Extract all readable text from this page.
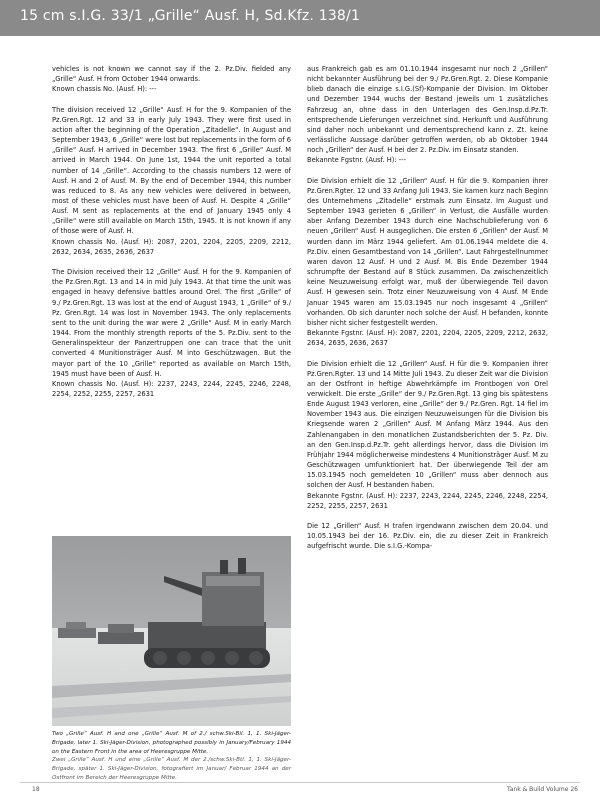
15 cm s.I.G. 33/1 „Grille“ Ausf. H, Sd.Kfz. 138/1

vehicles is not known we cannot say if the 2. Pz.Div. fielded any „Grille“ Ausf. H from October 1944 onwards.

Known chassis No. (Ausf. H): ---

The division received 12 „Grille“ Ausf. H for the 9. Kompanien of the Pz.Gren.Rgt. 12 and 33 in early July 1943. They were first used in action after the beginning of the Operation „Zitadelle“. In August and September 1943, 6 „Grille“ were lost but replacements in the form of 6 „Grille“ Ausf. H arrived in December 1943. The first 6 „Grille“ Ausf. M arrived in March 1944. On June 1st, 1944 the unit reported a total number of 14 „Grille“. According to the chassis numbers 12 were of Ausf. H and 2 of Ausf. M. By the end of December 1944, this number was reduced to 8. As any new vehicles were delivered in between, most of these vehicles must have been of Ausf. H. Despite 4 „Grille“ Ausf. M sent as replacements at the end of January 1945 only 4 „Grille“ were still available on March 15th, 1945. It is not known if any of those were of Ausf. H.

Known chassis No. (Ausf. H): 2087, 2201, 2204, 2205, 2209, 2212, 2632, 2634, 2635, 2636, 2637

The Division received their 12 „Grille“ Ausf. H for the 9. Kompanien of the Pz.Gren.Rgt. 13 and 14 in mid July 1943. At that time the unit was engaged in heavy defensive battles around Orel. The first „Grille“ of 9./ Pz.Gren.Rgt. 13 was lost at the end of August 1943, 1 „Grille“ of 9./ Pz. Gren.Rgt. 14 was lost in November 1943. The only replacements sent to the unit during the war were 2 „Grille“ Ausf. M in early March 1944. From the monthly strength reports of the 5. Pz.Div. sent to the Generalinspekteur der Panzertruppen one can trace that the unit converted 4 Munitionsträger Ausf. M into Geschützwagen. But the mayor part of the 10 „Grille“ reported as available on March 15th, 1945 must have been of Ausf. H.

Known chassis No. (Ausf. H): 2237, 2243, 2244, 2245, 2246, 2248, 2254, 2252, 2255, 2257, 2631

Two „Grille“ Ausf. H and one „Grille“ Ausf. M of 2./ schw.Ski-Bil. 1, 1. Ski-Jäger-Brigade, later 1. Ski-Jäger-Division, photographed possibly in January/February 1944 on the Eastern Front in the area of Heeresgruppe Mitte.

Zwei „Grille“ Ausf. H und eine „Grille“ Ausf. M der 2./schw.Ski-Btl. 1, 1. Ski-Jäger-Brigade, später 1. Ski-Jäger-Division, fotografiert im Januar/ Februar 1944 an der Ostfront im Bereich der Heeresgruppe Mitte.

aus Frankreich gab es am 01.10.1944 insgesamt nur noch 2 „Grillen“ nicht bekannter Ausführung bei der 9./ Pz.Gren.Rgt. 2. Diese Kompanie blieb danach die einzige s.I.G.(Sf)-Kompanie der Division. Im Oktober und Dezember 1944 wuchs der Bestand jeweils um 1 zusätzliches Fahrzeug an, ohne dass in den Unterlagen des Gen.Insp.d.Pz.Tr. entsprechende Lieferungen verzeichnet sind. Herkunft und Ausführung sind daher noch unbekannt und dementsprechend kann z. Zt. keine verlässliche Aussage darüber getroffen werden, ob ab Oktober 1944 noch „Grillen“ der Ausf. H bei der 2. Pz.Div. im Einsatz standen.

Bekannte Fgstnr. (Ausf. H): ---

Die Division erhielt die 12 „Grillen“ Ausf. H für die 9. Kompanien ihrer Pz.Gren.Rgter. 12 und 33 Anfang Juli 1943. Sie kamen kurz nach Beginn des Unternehmens „Zitadelle“ erstmals zum Einsatz. Im August und September 1943 gerieten 6 „Grillen“ in Verlust, die Ausfälle wurden aber Anfang Dezember 1943 durch eine Nachschublieferung von 6 neuen „Grillen“ Ausf. H ausgeglichen. Die ersten 6 „Grillen“ der Ausf. M wurden dann im März 1944 geliefert. Am 01.06.1944 meldete die 4. Pz.Div. einen Gesamtbestand von 14 „Grillen“. Laut Fahrgestellnummer waren davon 12 Ausf. H und 2 Ausf. M. Bis Ende Dezember 1944 schrumpfte der Bestand auf 8 Stück zusammen. Da zwischenzeitlich keine Neuzuweisung erfolgt war, muß der überwiegende Teil davon Ausf. H gewesen sein. Trotz einer Neuzuweisung von 4 Ausf. M Ende Januar 1945 waren am 15.03.1945 nur noch insgesamt 4 „Grillen“ vorhanden. Ob sich darunter noch solche der Ausf. H befanden, konnte bisher nicht sicher festgestellt werden.

Bekannte Fgstnr. (Ausf. H): 2087, 2201, 2204, 2205, 2209, 2212, 2632, 2634, 2635, 2636, 2637

Die Division erhielt die 12 „Grillen“ Ausf. H für die 9. Kompanien ihrer Pz.Gren.Rgter. 13 und 14 Mitte Juli 1943. Zu dieser Zeit war die Division an der Ostfront in heftige Abwehrkämpfe im Frontbogen von Orel verwickelt. Die erste „Grille“ der 9./ Pz.Gren.Rgt. 13 ging bis spätestens Ende August 1943 verloren, eine „Grille“ der 9./ Pz.Gren. Rgt. 14 fiel im November 1943 aus. Die einzigen Neuzuweisungen für die Division bis Kriegsende waren 2 „Grillen“ Ausf. M Anfang März 1944. Aus den Zahlenangaben in den monatlichen Zustandsberichten der 5. Pz. Div. an den Gen.Insp.d.Pz.Tr. geht allerdings hervor, dass die Division im Frühjahr 1944 möglicherweise mindestens 4 Munitionsträger Ausf. M zu Geschützwagen umfunktioniert hat. Der überwiegende Teil der am 15.03.1945 noch gemeldeten 10 „Grillen“ muss aber dennoch aus solchen der Ausf. H bestanden haben.

Bekannte Fgstnr. (Ausf. H): 2237, 2243, 2244, 2245, 2246, 2248, 2254, 2252, 2255, 2257, 2631

Die 12 „Grillen“ Ausf. H trafen irgendwann zwischen dem 20.04. und 10.05.1943 bei der 16. Pz.Div. ein, die zu dieser Zeit in Frankreich aufgefrischt wurde. Die s.I.G.-Kompa-

18	Tank & Build Volume 26
